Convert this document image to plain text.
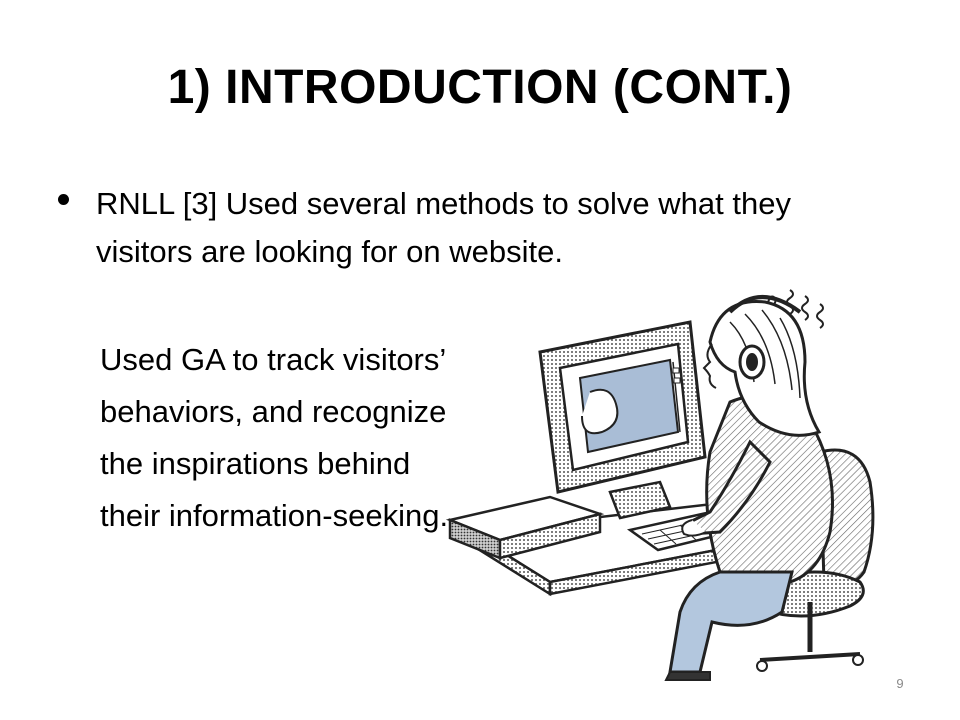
1) INTRODUCTION (CONT.)
RNLL [3] Used several methods to solve what they visitors are looking for on website.
Used GA to track visitors’
behaviors, and recognize
the inspirations behind
their information-seeking.
9
